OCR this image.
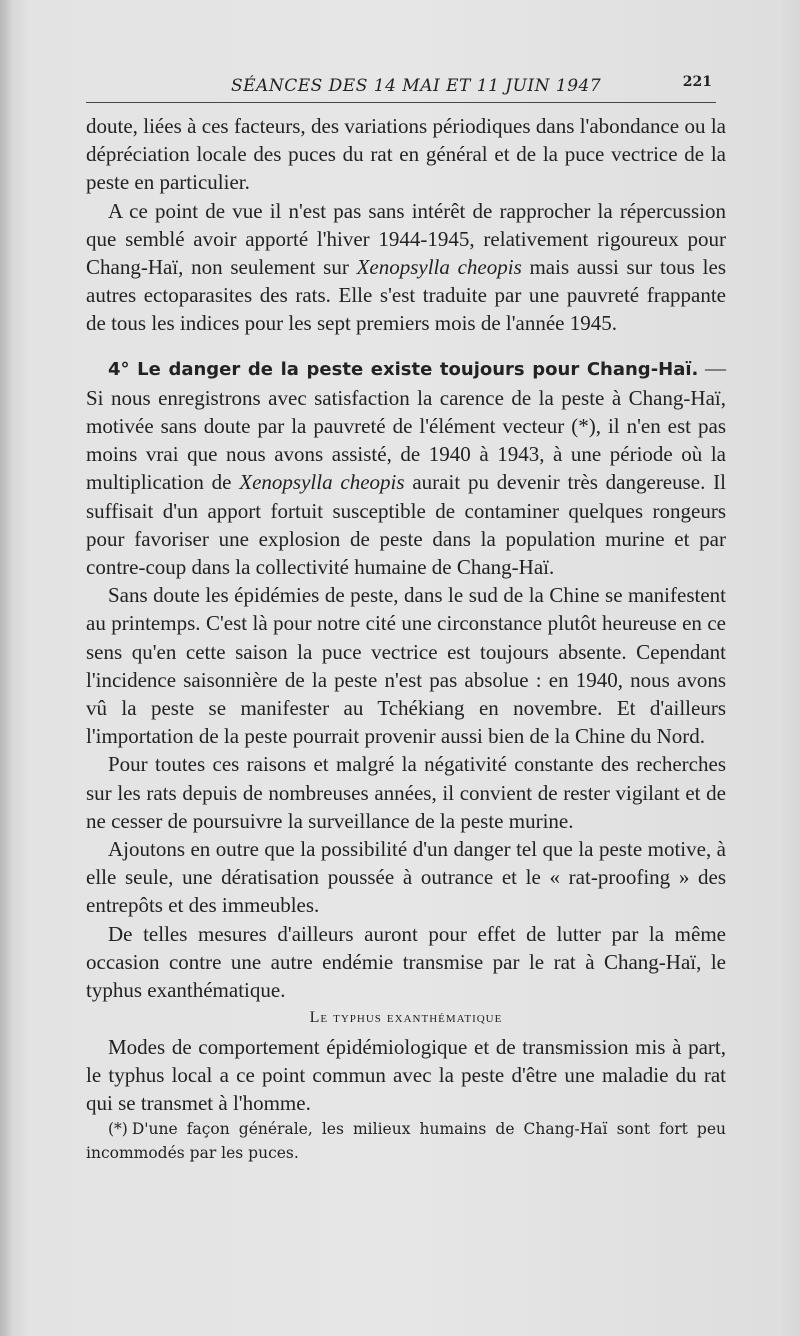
SÉANCES DES 14 MAI ET 11 JUIN 1947	221

doute, liées à ces facteurs, des variations périodiques dans l'abondance ou la dépréciation locale des puces du rat en général et de la puce vectrice de la peste en particulier.

A ce point de vue il n'est pas sans intérêt de rapprocher la répercussion que semblé avoir apporté l'hiver 1944-1945, relativement rigoureux pour Chang-Haï, non seulement sur Xenopsylla cheopis mais aussi sur tous les autres ectoparasites des rats. Elle s'est traduite par une pauvreté frappante de tous les indices pour les sept premiers mois de l'année 1945.

4° Le danger de la peste existe toujours pour Chang-Haï. — Si nous enregistrons avec satisfaction la carence de la peste à Chang-Haï, motivée sans doute par la pauvreté de l'élément vecteur (*), il n'en est pas moins vrai que nous avons assisté, de 1940 à 1943, à une période où la multiplication de Xenopsylla cheopis aurait pu devenir très dangereuse. Il suffisait d'un apport fortuit susceptible de contaminer quelques rongeurs pour favoriser une explosion de peste dans la population murine et par contre-coup dans la collectivité humaine de Chang-Haï.

Sans doute les épidémies de peste, dans le sud de la Chine se manifestent au printemps. C'est là pour notre cité une circonstance plutôt heureuse en ce sens qu'en cette saison la puce vectrice est toujours absente. Cependant l'incidence saisonnière de la peste n'est pas absolue : en 1940, nous avons vû la peste se manifester au Tchékiang en novembre. Et d'ailleurs l'importation de la peste pourrait provenir aussi bien de la Chine du Nord.

Pour toutes ces raisons et malgré la négativité constante des recherches sur les rats depuis de nombreuses années, il convient de rester vigilant et de ne cesser de poursuivre la surveillance de la peste murine.

Ajoutons en outre que la possibilité d'un danger tel que la peste motive, à elle seule, une dératisation poussée à outrance et le « rat-proofing » des entrepôts et des immeubles.

De telles mesures d'ailleurs auront pour effet de lutter par la même occasion contre une autre endémie transmise par le rat à Chang-Haï, le typhus exanthématique.

Le typhus exanthématique

Modes de comportement épidémiologique et de transmission mis à part, le typhus local a ce point commun avec la peste d'être une maladie du rat qui se transmet à l'homme.

(*) D'une façon générale, les milieux humains de Chang-Haï sont fort peu incommodés par les puces.
